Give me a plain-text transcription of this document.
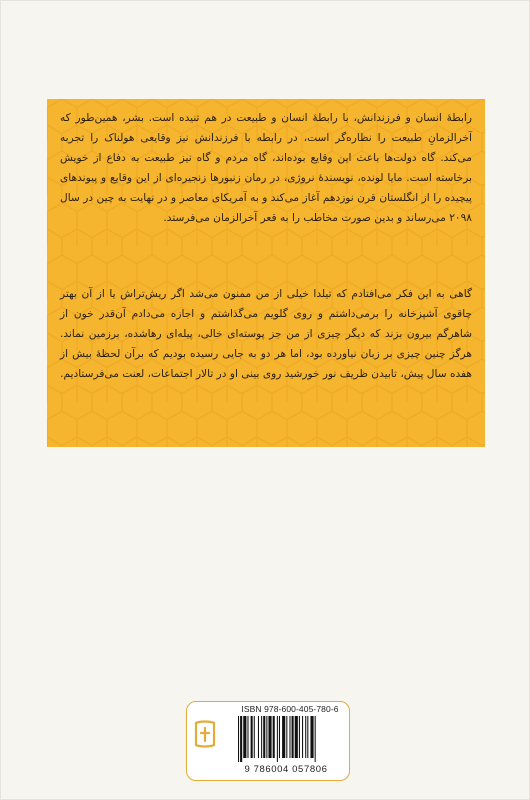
رابطهٔ انسان و فرزندانش، با رابطهٔ انسان و طبیعت در هم تنیده است. بشر، همین‌طور که آخرالزمانِ طبیعت را نظاره‌گر است، در رابطه با فرزندانش نیز وقایعی هولناک را تجربه می‌کند. گاه دولت‌ها باعث این وقایع بوده‌اند، گاه مردم و گاه نیز طبیعت به دفاع از خویش برخاسته است. مایا لونده، نویسندهٔ نروژی، در رمان زنبورها زنجیره‌ای از این وقایع و پیوندهای پیچیده را از انگلستان قرن نوزدهم آغاز می‌کند و به آمریکای معاصر و در نهایت به چین در سال ۲۰۹۸ می‌رساند و بدین صورت مخاطب را به قعر آخرالزمان می‌فرستد.
گاهی به این فکر می‌افتادم که تیلدا خیلی از من ممنون می‌شد اگر ریش‌تراش یا از آن بهتر چاقوی آشپزخانه را برمی‌داشتم و روی گلویم می‌گذاشتم و اجازه می‌دادم آن‌قدر خون از شاهرگم بیرون بزند که دیگر چیزی از من جز پوسته‌ای خالی، پیله‌ای رهاشده، برزمین نماند. هرگز چنین چیزی بر زبان نیاورده بود، اما هر دو به جایی رسیده بودیم که برآن لحظهٔ بیش از هفده سال پیش، تابیدن ظریف نور خورشید روی بینی او در تالار اجتماعات، لعنت می‌فرستادیم.
ISBN 978-600-405-780-6
9 786004 057806
